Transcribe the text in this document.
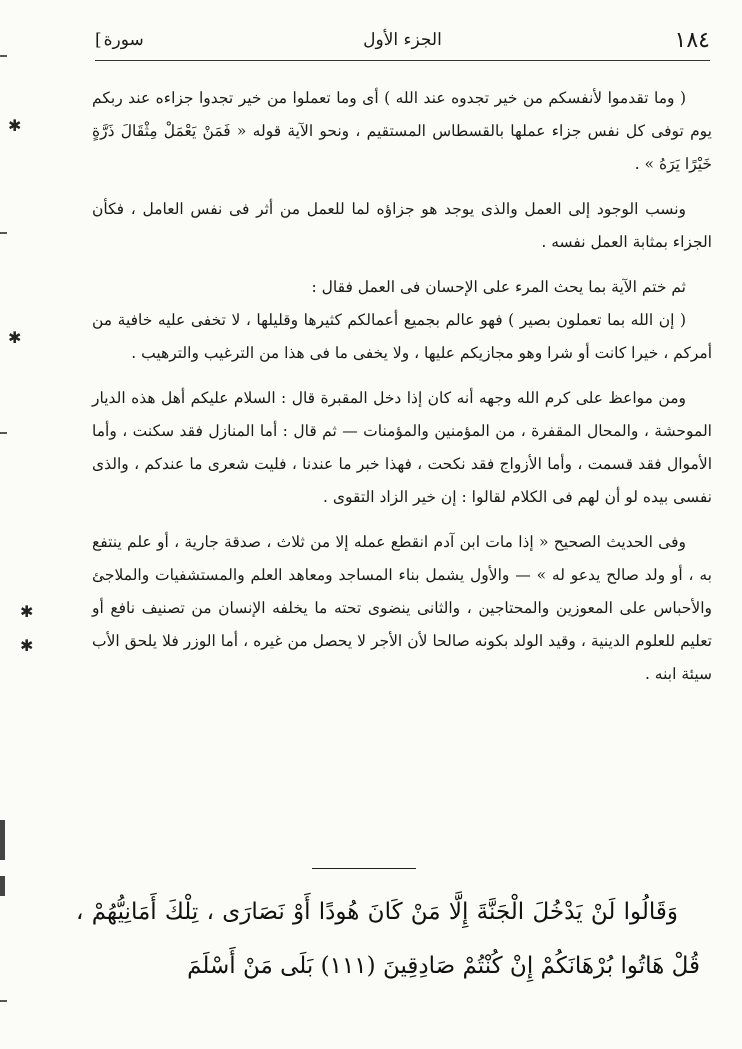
١٨٤
الجزء الأول
سورة ]

( وما تقدموا لأنفسكم من خير تجدوه عند الله ) أى وما تعملوا من خير تجدوا جزاءه عند ربكم يوم توفى كل نفس جزاء عملها بالقسطاس المستقيم ، ونحو الآية قوله « فَمَنْ يَعْمَلْ مِثْقَالَ ذَرَّةٍ خَيْرًا يَرَهُ » .

ونسب الوجود إلى العمل والذى يوجد هو جزاؤه لما للعمل من أثر فى نفس العامل ، فكأن الجزاء بمثابة العمل نفسه .

ثم ختم الآية بما يحث المرء على الإحسان فى العمل فقال :

( إن الله بما تعملون بصير ) فهو عالم بجميع أعمالكم كثيرها وقليلها ، لا تخفى عليه خافية من أمركم ، خيرا كانت أو شرا وهو مجازيكم عليها ، ولا يخفى ما فى هذا من الترغيب والترهيب .

ومن مواعظ على كرم الله وجهه أنه كان إذا دخل المقبرة قال : السلام عليكم أهل هذه الديار الموحشة ، والمحال المقفرة ، من المؤمنين والمؤمنات — ثم قال : أما المنازل فقد سكنت ، وأما الأموال فقد قسمت ، وأما الأزواج فقد نكحت ، فهذا خبر ما عندنا ، فليت شعرى ما عندكم ، والذى نفسى بيده لو أن لهم فى الكلام لقالوا : إن خير الزاد التقوى .

وفى الحديث الصحيح « إذا مات ابن آدم انقطع عمله إلا من ثلاث ، صدقة جارية ، أو علم ينتفع به ، أو ولد صالح يدعو له » — والأول يشمل بناء المساجد ومعاهد العلم والمستشفيات والملاجئ والأحباس على المعوزين والمحتاجين ، والثانى ينضوى تحته ما يخلفه الإنسان من تصنيف نافع أو تعليم للعلوم الدينية ، وقيد الولد بكونه صالحا لأن الأجر لا يحصل من غيره ، أما الوزر فلا يلحق الأب سيئة ابنه .

وَقَالُوا لَنْ يَدْخُلَ الْجَنَّةَ إِلَّا مَنْ كَانَ هُودًا أَوْ نَصَارَى ، تِلْكَ أَمَانِيُّهُمْ ، قُلْ هَاتُوا بُرْهَانَكُمْ إِنْ كُنْتُمْ صَادِقِينَ (١١١) بَلَى مَنْ أَسْلَمَ
✱
✱
✱
✱
